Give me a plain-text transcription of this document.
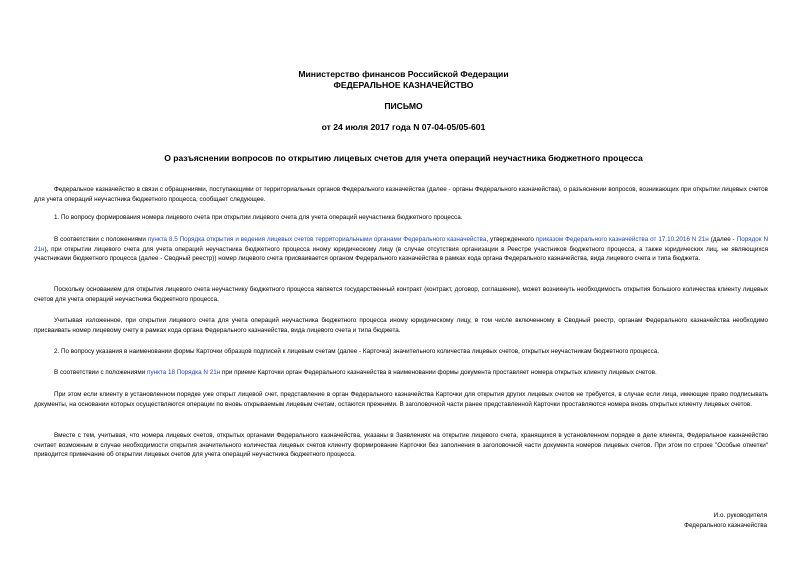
Министерство финансов Российской Федерации
ФЕДЕРАЛЬНОЕ КАЗНАЧЕЙСТВО
ПИСЬМО
от 24 июля 2017 года N 07-04-05/05-601
О разъяснении вопросов по открытию лицевых счетов для учета операций неучастника бюджетного процесса
Федеральное казначейство в связи с обращениями, поступающими от территориальных органов Федерального казначейства (далее - органы Федерального казначейства), о разъяснении вопросов, возникающих при открытии лицевых счетов для учета операций неучастника бюджетного процесса, сообщает следующее.
1. По вопросу формирования номера лицевого счета при открытии лицевого счета для учета операций неучастника бюджетного процесса.
В соответствии с положениями пункта 8.5 Порядка открытия и ведения лицевых счетов территориальными органами Федерального казначейства, утвержденного приказом Федерального казначейства от 17.10.2016 N 21н (далее - Порядок N 21н), при открытии лицевого счета для учета операций неучастника бюджетного процесса иному юридическому лицу (в случае отсутствия организации в Реестре участников бюджетного процесса, а также юридических лиц, не являющихся участниками бюджетного процесса (далее - Сводный реестр)) номер лицевого счета присваивается органом Федерального казначейства в рамках кода органа Федерального казначейства, вида лицевого счета и типа бюджета.
Поскольку основанием для открытия лицевого счета неучастнику бюджетного процесса является государственный контракт (контракт, договор, соглашение), может возникнуть необходимость открытия большого количества клиенту лицевых счетов для учета операций неучастника бюджетного процесса.
Учитывая изложенное, при открытии лицевого счета для учета операций неучастника бюджетного процесса иному юридическому лицу, в том числе включенному в Сводный реестр, органам Федерального казначейства необходимо присваивать номер лицевому счету в рамках кода органа Федерального казначейства, вида лицевого счета и типа бюджета.
2. По вопросу указания в наименовании формы Карточки образцов подписей к лицевым счетам (далее - Карточка) значительного количества лицевых счетов, открытых неучастникам бюджетного процесса.
В соответствии с положениями пункта 18 Порядка N 21н при приеме Карточки орган Федерального казначейства в наименовании формы документа проставляет номера открытых клиенту лицевых счетов.
При этом если клиенту в установленном порядке уже открыт лицевой счет, представление в орган Федерального казначейства Карточки для открытия других лицевых счетов не требуется, в случае если лица, имеющие право подписывать документы, на основании которых осуществляются операции по вновь открываемым лицевым счетам, остаются прежними. В заголовочной части ранее представленной Карточки проставляются номера вновь открытых клиенту лицевых счетов.
Вместе с тем, учитывая, что номера лицевых счетов, открытых органами Федерального казначейства, указаны в Заявлениях на открытие лицевого счета, хранящихся в установленном порядке в деле клиента, Федеральное казначейство считает возможным в случае необходимости открытия значительного количества лицевых счетов клиенту формирование Карточки без заполнения в заголовочной части документа номеров лицевых счетов. При этом по строке "Особые отметки" приводится примечание об открытии лицевых счетов для учета операций неучастника бюджетного процесса.
И.о. руководителя
Федерального казначейства
